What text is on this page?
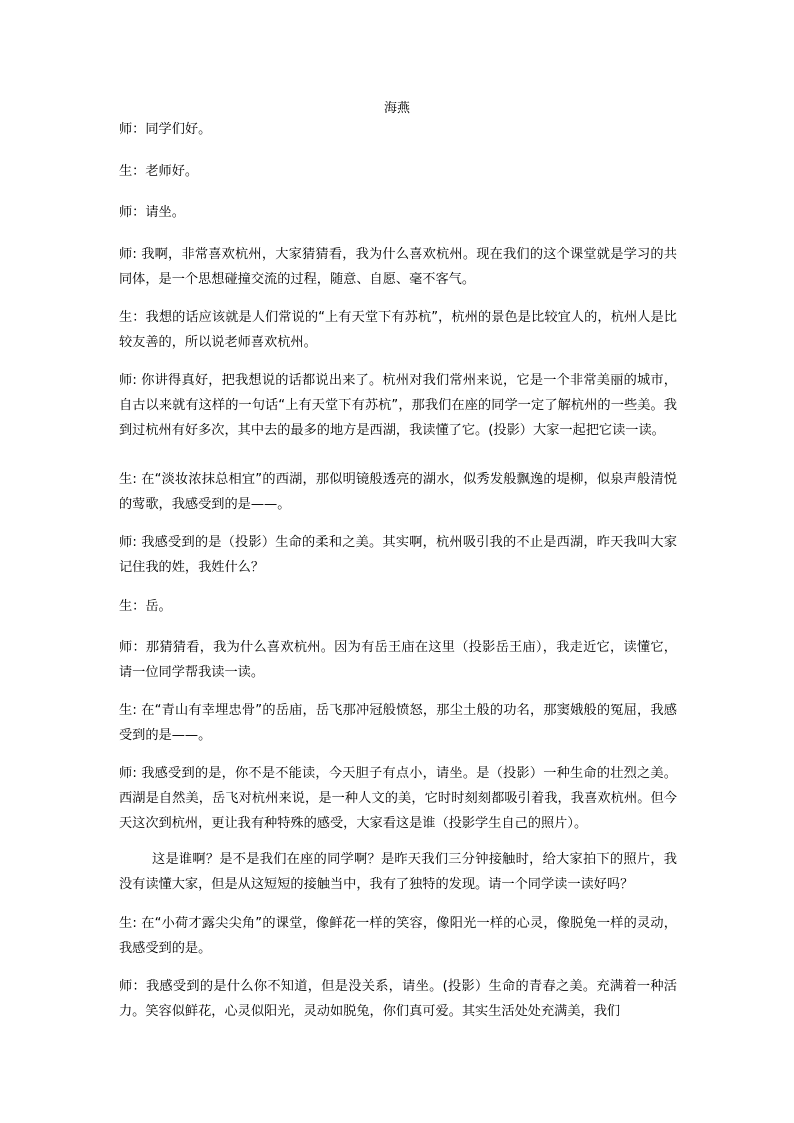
海燕

师：同学们好。

生：老师好。

师：请坐。

师: 我啊，非常喜欢杭州，大家猜猜看，我为什么喜欢杭州。现在我们的这个课堂就是学习的共同体，是一个思想碰撞交流的过程，随意、自愿、毫不客气。

生：我想的话应该就是人们常说的“上有天堂下有苏杭”，杭州的景色是比较宜人的，杭州人是比较友善的，所以说老师喜欢杭州。

师: 你讲得真好，把我想说的话都说出来了。杭州对我们常州来说，它是一个非常美丽的城市，自古以来就有这样的一句话“上有天堂下有苏杭”，那我们在座的同学一定了解杭州的一些美。我到过杭州有好多次，其中去的最多的地方是西湖，我读懂了它。(投影）大家一起把它读一读。

生: 在“淡妆浓抹总相宜”的西湖，那似明镜般透亮的湖水，似秀发般飘逸的堤柳，似泉声般清悦的莺歌，我感受到的是——。

师: 我感受到的是（投影）生命的柔和之美。其实啊，杭州吸引我的不止是西湖，昨天我叫大家记住我的姓，我姓什么？

生：岳。

师：那猜猜看，我为什么喜欢杭州。因为有岳王庙在这里（投影岳王庙），我走近它，读懂它，请一位同学帮我读一读。

生: 在“青山有幸埋忠骨”的岳庙，岳飞那冲冠般愤怒，那尘土般的功名，那窦娥般的冤屈，我感受到的是——。

师: 我感受到的是，你不是不能读，今天胆子有点小，请坐。是（投影）一种生命的壮烈之美。西湖是自然美，岳飞对杭州来说，是一种人文的美，它时时刻刻都吸引着我，我喜欢杭州。但今天这次到杭州，更让我有种特殊的感受，大家看这是谁（投影学生自己的照片）。

这是谁啊？是不是我们在座的同学啊？是昨天我们三分钟接触时，给大家拍下的照片，我没有读懂大家，但是从这短短的接触当中，我有了独特的发现。请一个同学读一读好吗？

生: 在“小荷才露尖尖角”的课堂，像鲜花一样的笑容，像阳光一样的心灵，像脱兔一样的灵动，我感受到的是。

师：我感受到的是什么你不知道，但是没关系，请坐。(投影）生命的青春之美。充满着一种活力。笑容似鲜花，心灵似阳光，灵动如脱兔，你们真可爱。其实生活处处充满美，我们
